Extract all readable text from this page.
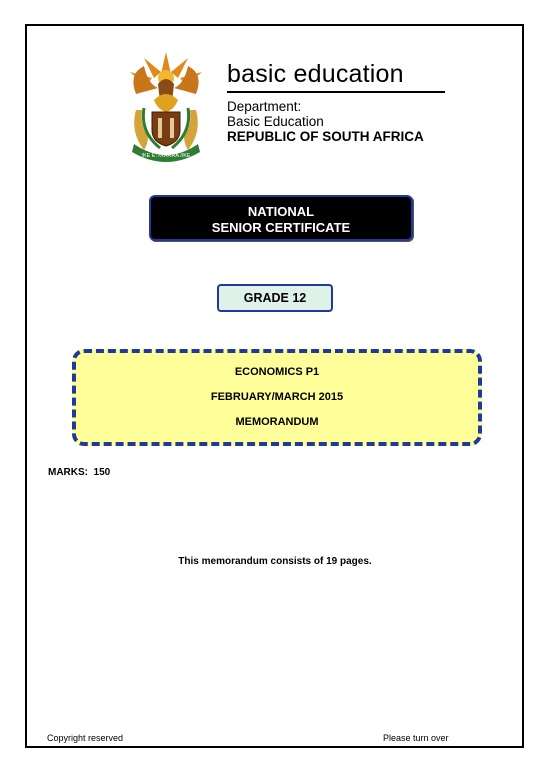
!KE E: /XARRA //KE
basic education
Department:
Basic Education
REPUBLIC OF SOUTH AFRICA
NATIONAL
SENIOR CERTIFICATE
GRADE 12
ECONOMICS P1
FEBRUARY/MARCH 2015
MEMORANDUM
MARKS:  150
This memorandum consists of 19 pages.
Copyright reserved	Please turn over
